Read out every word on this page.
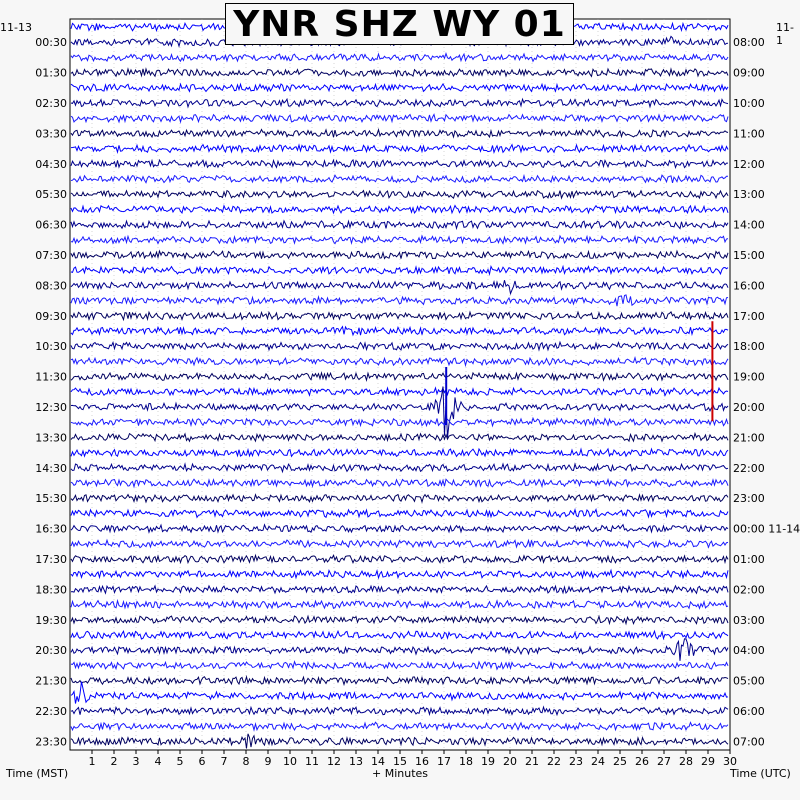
00:30
01:30
02:30
03:30
04:30
05:30
06:30
07:30
08:30
09:30
10:30
11:30
12:30
13:30
14:30
15:30
16:30
17:30
18:30
19:30
20:30
21:30
22:30
23:30
08:00
09:00
10:00
11:00
12:00
13:00
14:00
15:00
16:00
17:00
18:00
19:00
20:00
21:00
22:00
23:00
00:00 11-14
01:00
02:00
03:00
04:00
05:00
06:00
07:00
1 2 3 4 5 6 7 8 9 10 11 12 13 14 15 16 17 18 19 20 21 22 23 24 25 26 27 28 29 30
YNR SHZ WY 01
11-13	11-1
Time (MST)	+ Minutes	Time (UTC)
